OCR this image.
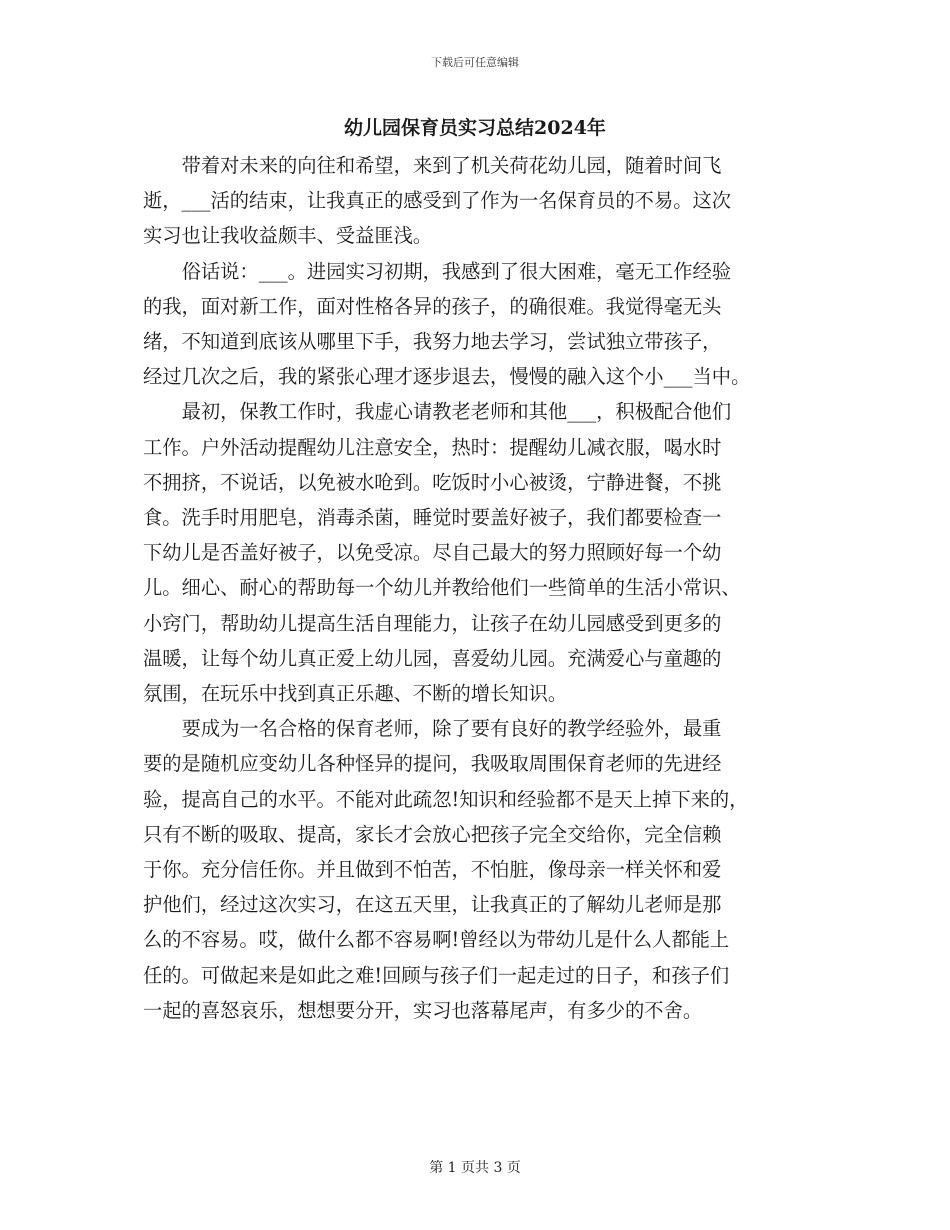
下载后可任意编辑
幼儿园保育员实习总结2024年

带着对未来的向往和希望，来到了机关荷花幼儿园，随着时间飞
逝，___活的结束，让我真正的感受到了作为一名保育员的不易。这次
实习也让我收益颇丰、受益匪浅。

俗话说：___。进园实习初期，我感到了很大困难，毫无工作经验
的我，面对新工作，面对性格各异的孩子，的确很难。我觉得毫无头
绪，不知道到底该从哪里下手，我努力地去学习，尝试独立带孩子，
经过几次之后，我的紧张心理才逐步退去，慢慢的融入这个小___当中。

最初，保教工作时，我虚心请教老老师和其他___，积极配合他们
工作。户外活动提醒幼儿注意安全，热时：提醒幼儿减衣服，喝水时
不拥挤，不说话，以免被水呛到。吃饭时小心被烫，宁静进餐，不挑
食。洗手时用肥皂，消毒杀菌，睡觉时要盖好被子，我们都要检查一
下幼儿是否盖好被子，以免受凉。尽自己最大的努力照顾好每一个幼
儿。细心、耐心的帮助每一个幼儿并教给他们一些简单的生活小常识、
小窍门，帮助幼儿提高生活自理能力，让孩子在幼儿园感受到更多的
温暖，让每个幼儿真正爱上幼儿园，喜爱幼儿园。充满爱心与童趣的
氛围，在玩乐中找到真正乐趣、不断的增长知识。

要成为一名合格的保育老师，除了要有良好的教学经验外，最重
要的是随机应变幼儿各种怪异的提问，我吸取周围保育老师的先进经
验，提高自己的水平。不能对此疏忽!知识和经验都不是天上掉下来的，
只有不断的吸取、提高，家长才会放心把孩子完全交给你，完全信赖
于你。充分信任你。并且做到不怕苦，不怕脏，像母亲一样关怀和爱
护他们，经过这次实习，在这五天里，让我真正的了解幼儿老师是那
么的不容易。哎，做什么都不容易啊!曾经以为带幼儿是什么人都能上
任的。可做起来是如此之难!回顾与孩子们一起走过的日子，和孩子们
一起的喜怒哀乐，想想要分开，实习也落幕尾声，有多少的不舍。

第 1 页共 3 页
